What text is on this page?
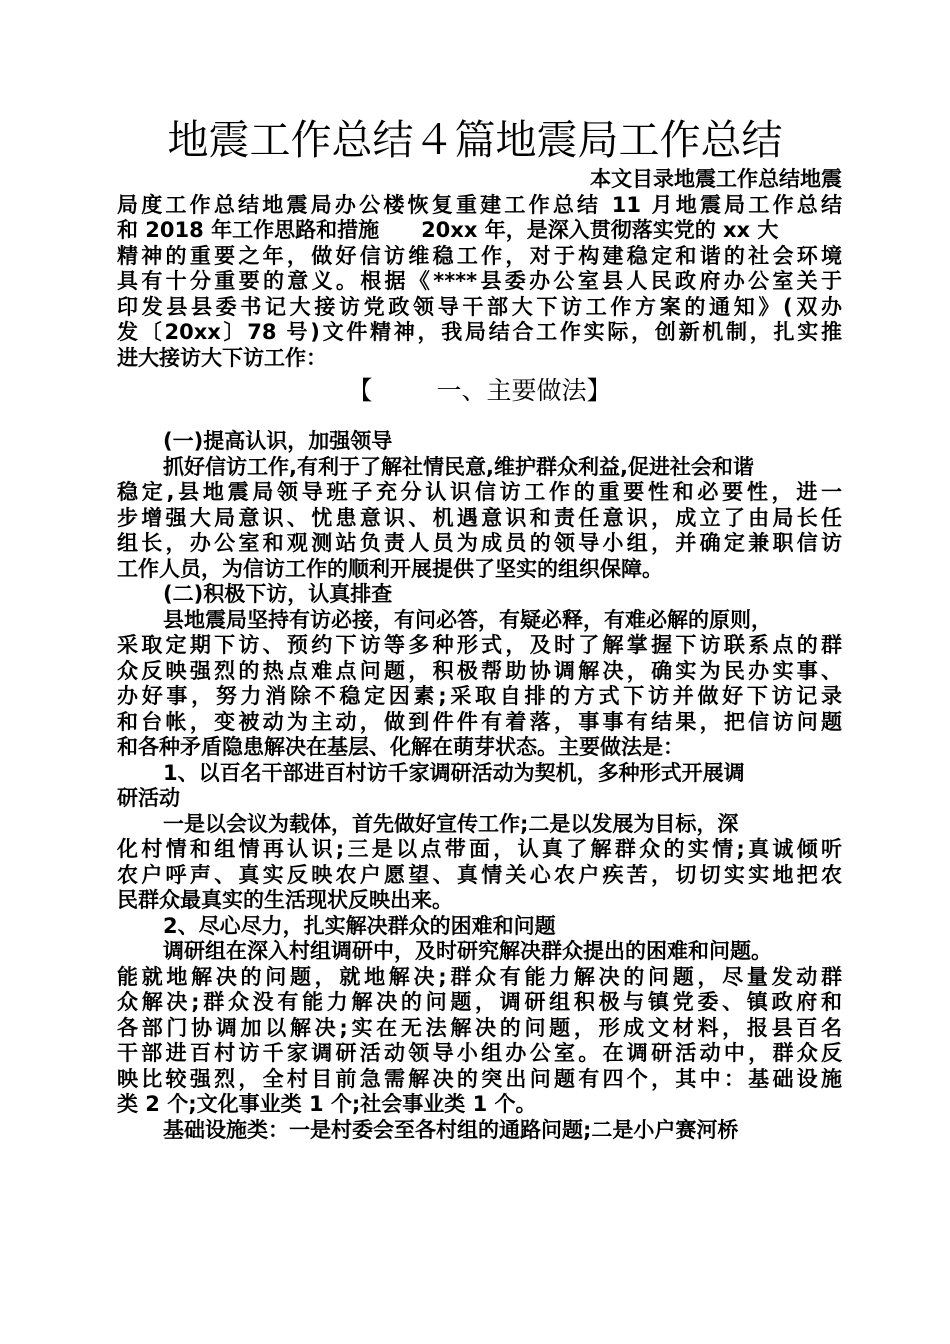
地震工作总结４篇地震局工作总结
本文目录地震工作总结地震
局度工作总结地震局办公楼恢复重建工作总结 11 月地震局工作总结
和 2018 年工作思路和措施　　20xx 年，是深入贯彻落实党的 xx 大
精神的重要之年，做好信访维稳工作，对于构建稳定和谐的社会环境
具有十分重要的意义。根据《****县委办公室县人民政府办公室关于
印发县县委书记大接访党政领导干部大下访工作方案的通知》(双办
发〔20xx〕78 号)文件精神，我局结合工作实际，创新机制，扎实推
进大接访大下访工作：
【	一、主要做法】
(一)提高认识，加强领导
抓好信访工作,有利于了解社情民意,维护群众利益,促进社会和谐
稳定,县地震局领导班子充分认识信访工作的重要性和必要性，进一
步增强大局意识、忧患意识、机遇意识和责任意识，成立了由局长任
组长，办公室和观测站负责人员为成员的领导小组，并确定兼职信访
工作人员，为信访工作的顺利开展提供了坚实的组织保障。
(二)积极下访，认真排查
县地震局坚持有访必接，有问必答，有疑必释，有难必解的原则，
采取定期下访、预约下访等多种形式，及时了解掌握下访联系点的群
众反映强烈的热点难点问题，积极帮助协调解决，确实为民办实事、
办好事，努力消除不稳定因素;采取自排的方式下访并做好下访记录
和台帐，变被动为主动，做到件件有着落，事事有结果，把信访问题
和各种矛盾隐患解决在基层、化解在萌芽状态。主要做法是：
1、以百名干部进百村访千家调研活动为契机，多种形式开展调
研活动
一是以会议为载体，首先做好宣传工作;二是以发展为目标，深
化村情和组情再认识;三是以点带面，认真了解群众的实情;真诚倾听
农户呼声、真实反映农户愿望、真情关心农户疾苦，切切实实地把农
民群众最真实的生活现状反映出来。
2、尽心尽力，扎实解决群众的困难和问题
调研组在深入村组调研中，及时研究解决群众提出的困难和问题。
能就地解决的问题，就地解决;群众有能力解决的问题，尽量发动群
众解决;群众没有能力解决的问题，调研组积极与镇党委、镇政府和
各部门协调加以解决;实在无法解决的问题，形成文材料，报县百名
干部进百村访千家调研活动领导小组办公室。在调研活动中，群众反
映比较强烈，全村目前急需解决的突出问题有四个，其中：基础设施
类 2 个;文化事业类 1 个;社会事业类 1 个。
基础设施类：一是村委会至各村组的通路问题;二是小户赛河桥
